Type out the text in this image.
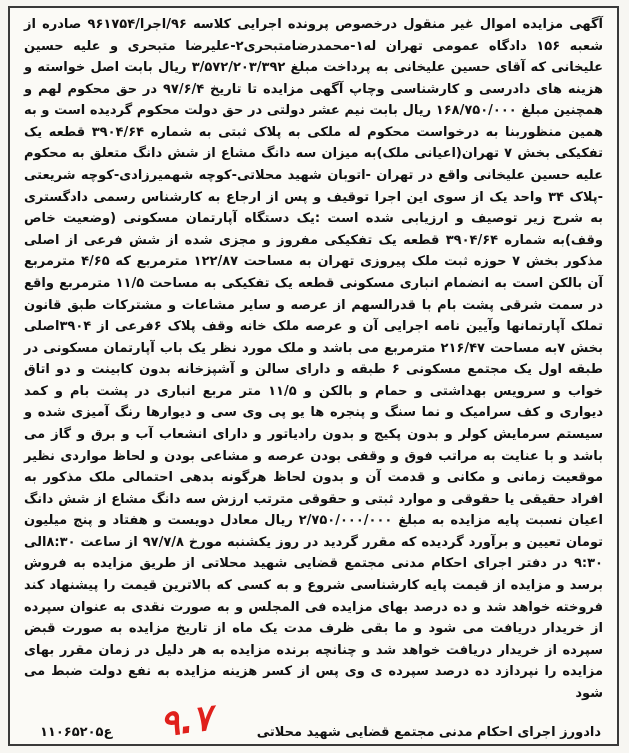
آگهی مزایده اموال غیر منقول درخصوص پرونده اجرایی کلاسه ۹۶/اجرا/۹۶۱۷۵۴ صادره از شعبه ۱۵۶ دادگاه عمومی تهران له۱-محمدرضامتبحری۲-علیرضا متبحری و علیه حسین علیخانی که آقای حسین علیخانی به پرداخت مبلغ ۳/۵۷۲/۲۰۳/۳۹۲ ریال بابت اصل خواسته و هزینه های دادرسی و کارشناسی وچاپ آگهی مزایده تا تاریخ ۹۷/۶/۴ در حق محکوم لهم و همچنین مبلغ ۱۶۸/۷۵۰/۰۰۰ ریال بابت نیم عشر دولتی در حق دولت محکوم گردیده است و به همین منظوربنا به درخواست محکوم له ملکی به پلاک ثبتی به شماره ۳۹۰۴/۶۴ قطعه یک تفکیکی بخش ۷ تهران(اعیانی ملک)به میزان سه دانگ مشاع از شش دانگ متعلق به محکوم علیه حسین علیخانی واقع در تهران -اتوبان شهید محلاتی-کوچه شهمیرزادی-کوچه شریعتی -پلاک ۳۴ واحد یک از سوی این اجرا توقیف و پس از ارجاع به کارشناس رسمی دادگستری به شرح زیر توصیف و ارزیابی شده است :یک دستگاه آپارتمان مسکونی (وضعیت خاص وقف)به شماره ۳۹۰۴/۶۴ قطعه یک تفکیکی مفروز و مجزی شده از شش فرعی از اصلی مذکور بخش ۷ حوزه ثبت ملک پیروزی تهران به مساحت ۱۲۲/۸۷ مترمربع که ۴/۶۵ مترمربع آن بالکن است به انضمام انباری مسکونی قطعه یک تفکیکی به مساحت ۱۱/۵ مترمربع واقع در سمت شرقی پشت بام با قدرالسهم از عرصه و سایر مشاعات و مشترکات طبق قانون تملک آپارتمانها وآیین نامه اجرایی آن و عرصه ملک خانه وقف پلاک ۶فرعی از ۳۹۰۴اصلی بخش ۷به مساحت ۲۱۶/۴۷ مترمربع می باشد و ملک مورد نظر یک باب آپارتمان مسکونی در طبقه اول یک مجتمع مسکونی ۶ طبقه و دارای سالن و آشپزخانه بدون کابینت و دو اتاق خواب و سرویس بهداشتی و حمام و بالکن و ۱۱/۵ متر مربع انباری در پشت بام و کمد دیواری و کف سرامیک و نما سنگ و پنجره ها یو پی وی سی و دیوارها رنگ آمیزی شده و سیستم سرمایش کولر و بدون پکیج و بدون رادیاتور و دارای انشعاب آب و برق و گاز می باشد و با عنایت به مراتب فوق و وقفی بودن عرصه و مشاعی بودن و لحاظ مواردی نظیر موقعیت زمانی و مکانی و قدمت آن و بدون لحاظ هرگونه بدهی احتمالی ملک مذکور به افراد حقیقی یا حقوقی و موارد ثبتی و حقوقی مترتب ارزش سه دانگ مشاع از شش دانگ اعیان نسبت پایه مزایده به مبلغ ۲/۷۵۰/۰۰۰/۰۰۰ ریال معادل دویست و هفتاد و پنج میلیون تومان تعیین و برآورد گردیده که مقرر گردید در روز یکشنبه مورخ ۹۷/۷/۸ از ساعت ۸:۳۰الی ۹:۳۰ در دفتر اجرای احکام مدنی مجتمع قضایی شهید محلاتی از طریق مزایده به فروش برسد و مزایده از قیمت پایه کارشناسی شروع و به کسی که بالاترین قیمت را پیشنهاد کند فروخته خواهد شد و ده درصد بهای مزایده فی المجلس و به صورت نقدی به عنوان سپرده از خریدار دریافت می شود و ما بقی ظرف مدت یک ماه از تاریخ مزایده به صورت قبض سپرده از خریدار دریافت خواهد شد و چنانچه برنده مزایده به هر دلیل در زمان مقرر بهای مزایده را نپردازد ده درصد سپرده ی وی پس از کسر هزینه مزایده به نفع دولت ضبط می شود

دادورز اجرای احکام مدنی مجتمع قضایی شهید محلاتی
ع۱۱۰۶۵۲۰۵ ۹.۷
